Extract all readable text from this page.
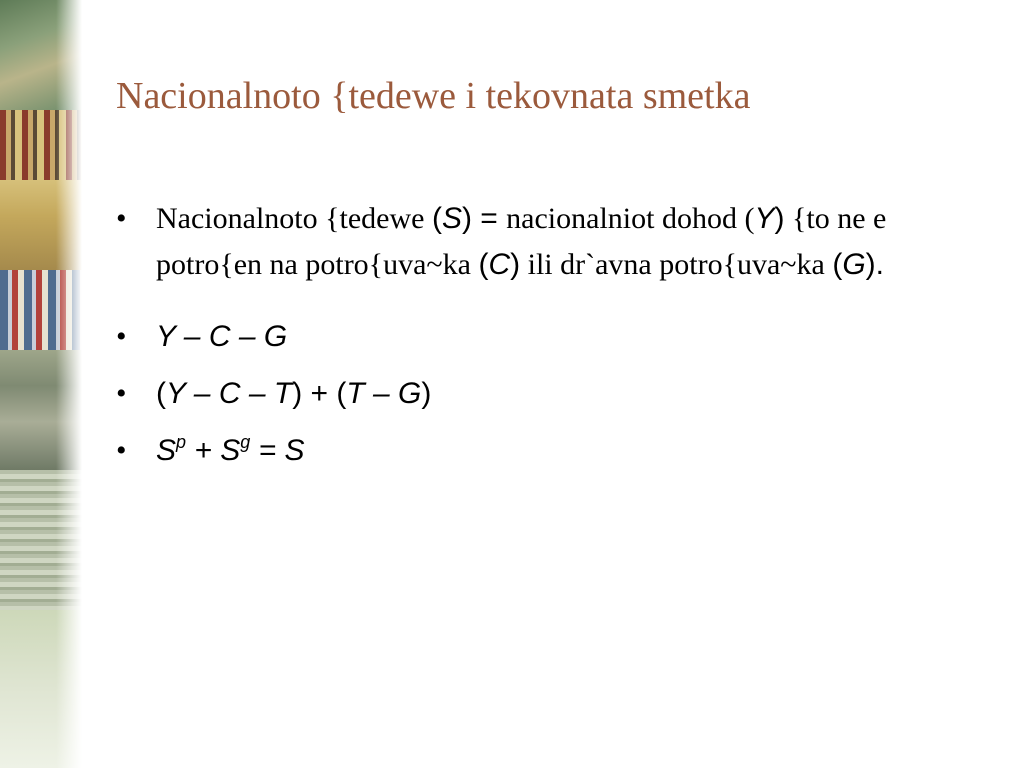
Nacionalnoto {tedewe i tekovnata smetka
• Nacionalnoto {tedewe (S) = nacionalniot dohod (Y) {to ne e potro{en na potro{uva~ka (C) ili dr`avna potro{uva~ka (G).
• Y – C – G
• (Y – C – T) + (T – G)
• $S^p + S^g = S$
